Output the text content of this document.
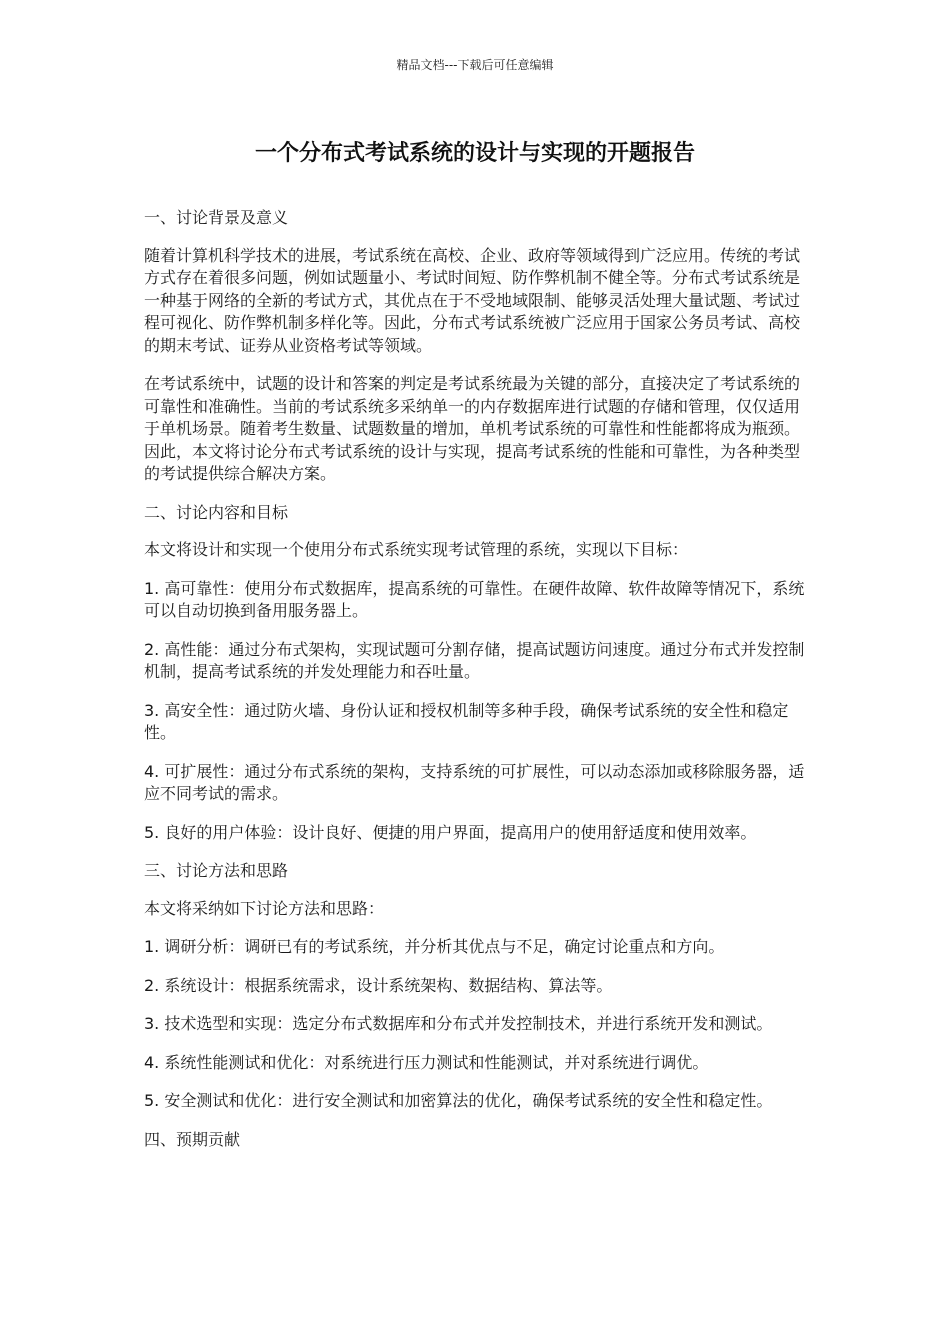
精品文档---下载后可任意编辑
一个分布式考试系统的设计与实现的开题报告

一、讨论背景及意义

随着计算机科学技术的进展，考试系统在高校、企业、政府等领域得到广泛应用。传统的考试方式存在着很多问题，例如试题量小、考试时间短、防作弊机制不健全等。分布式考试系统是一种基于网络的全新的考试方式，其优点在于不受地域限制、能够灵活处理大量试题、考试过程可视化、防作弊机制多样化等。因此，分布式考试系统被广泛应用于国家公务员考试、高校的期末考试、证券从业资格考试等领域。

在考试系统中，试题的设计和答案的判定是考试系统最为关键的部分，直接决定了考试系统的可靠性和准确性。当前的考试系统多采纳单一的内存数据库进行试题的存储和管理，仅仅适用于单机场景。随着考生数量、试题数量的增加，单机考试系统的可靠性和性能都将成为瓶颈。因此，本文将讨论分布式考试系统的设计与实现，提高考试系统的性能和可靠性，为各种类型的考试提供综合解决方案。

二、讨论内容和目标

本文将设计和实现一个使用分布式系统实现考试管理的系统，实现以下目标：

1. 高可靠性：使用分布式数据库，提高系统的可靠性。在硬件故障、软件故障等情况下，系统可以自动切换到备用服务器上。

2. 高性能：通过分布式架构，实现试题可分割存储，提高试题访问速度。通过分布式并发控制机制，提高考试系统的并发处理能力和吞吐量。

3. 高安全性：通过防火墙、身份认证和授权机制等多种手段，确保考试系统的安全性和稳定性。

4. 可扩展性：通过分布式系统的架构，支持系统的可扩展性，可以动态添加或移除服务器，适应不同考试的需求。

5. 良好的用户体验：设计良好、便捷的用户界面，提高用户的使用舒适度和使用效率。

三、讨论方法和思路

本文将采纳如下讨论方法和思路：

1. 调研分析：调研已有的考试系统，并分析其优点与不足，确定讨论重点和方向。

2. 系统设计：根据系统需求，设计系统架构、数据结构、算法等。

3. 技术选型和实现：选定分布式数据库和分布式并发控制技术，并进行系统开发和测试。

4. 系统性能测试和优化：对系统进行压力测试和性能测试，并对系统进行调优。

5. 安全测试和优化：进行安全测试和加密算法的优化，确保考试系统的安全性和稳定性。

四、预期贡献
